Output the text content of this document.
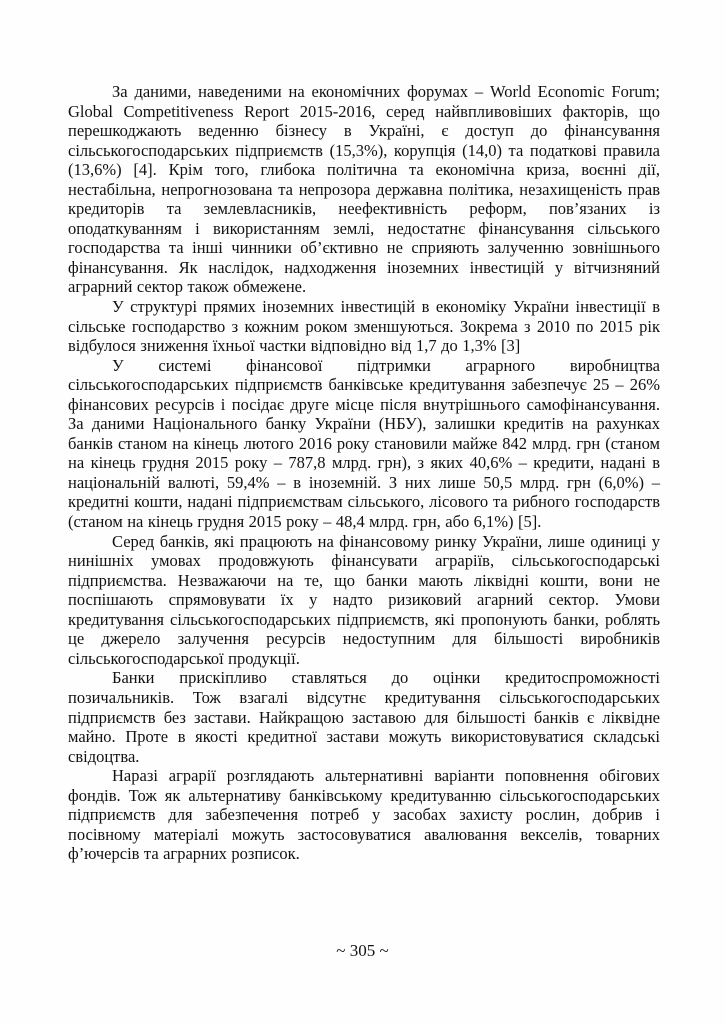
За даними, наведеними на економічних форумах – World Economic Forum; Global Competitiveness Report 2015-2016, серед найвпливовіших факторів, що перешкоджають веденню бізнесу в Україні, є доступ до фінансування сільськогосподарських підприємств (15,3%), корупція (14,0) та податкові правила (13,6%) [4]. Крім того, глибока політична та економічна криза, воєнні дії, нестабільна, непрогнозована та непрозора державна політика, незахищеність прав кредиторів та землевласників, неефективність реформ, пов’язаних із оподаткуванням і використанням землі, недостатнє фінансування сільського господарства та інші чинники об’єктивно не сприяють залученню зовнішнього фінансування. Як наслідок, надходження іноземних інвестицій у вітчизняний аграрний сектор також обмежене.

У структурі прямих іноземних інвестицій в економіку України інвестиції в сільське господарство з кожним роком зменшуються. Зокрема з 2010 по 2015 рік відбулося зниження їхньої частки відповідно від 1,7 до 1,3% [3]

У системі фінансової підтримки аграрного виробництва сільськогосподарських підприємств банківське кредитування забезпечує 25 – 26% фінансових ресурсів і посідає друге місце після внутрішнього самофінансування. За даними Національного банку України (НБУ), залишки кредитів на рахунках банків станом на кінець лютого 2016 року становили майже 842 млрд. грн (станом на кінець грудня 2015 року – 787,8 млрд. грн), з яких 40,6% – кредити, надані в національній валюті, 59,4% – в іноземній. З них лише 50,5 млрд. грн (6,0%) – кредитні кошти, надані підприємствам сільського, лісового та рибного господарств (станом на кінець грудня 2015 року – 48,4 млрд. грн, або 6,1%) [5].

Серед банків, які працюють на фінансовому ринку України, лише одиниці у нинішніх умовах продовжують фінансувати аграріїв, сільськогосподарські підприємства. Незважаючи на те, що банки мають ліквідні кошти, вони не поспішають спрямовувати їх у надто ризиковий агарний сектор. Умови кредитування сільськогосподарських підприємств, які пропонують банки, роблять це джерело залучення ресурсів недоступним для більшості виробників сільськогосподарської продукції.

Банки прискіпливо ставляться до оцінки кредитоспроможності позичальників. Тож взагалі відсутнє кредитування сільськогосподарських підприємств без застави. Найкращою заставою для більшості банків є ліквідне майно. Проте в якості кредитної застави можуть використовуватися складські свідоцтва.

Наразі аграрії розглядають альтернативні варіанти поповнення обігових фондів. Тож як альтернативу банківському кредитуванню сільськогосподарських підприємств для забезпечення потреб у засобах захисту рослин, добрив і посівному матеріалі можуть застосовуватися авалювання векселів, товарних ф’ючерсів та аграрних розписок.

~ 305 ~
